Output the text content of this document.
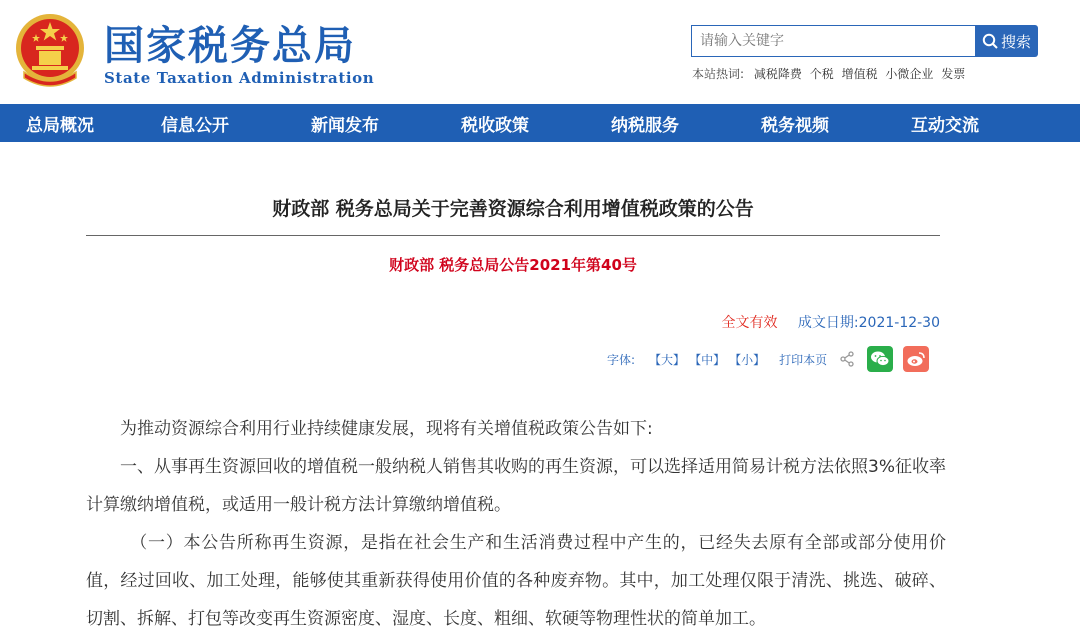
国家税务总局
State Taxation Administration
请输入关键字
搜索
本站热词: 减税降费 个税 增值税 小微企业 发票
总局概况	信息公开	新闻发布	税收政策	纳税服务	税务视频	互动交流
财政部 税务总局关于完善资源综合利用增值税政策的公告
财政部 税务总局公告2021年第40号
全文有效 成文日期:2021-12-30
字体: 【大】 【中】 【小】 打印本页

为推动资源综合利用行业持续健康发展，现将有关增值税政策公告如下:

一、从事再生资源回收的增值税一般纳税人销售其收购的再生资源，可以选择适用简易计税方法依照3%征收率计算缴纳增值税，或适用一般计税方法计算缴纳增值税。

（一）本公告所称再生资源，是指在社会生产和生活消费过程中产生的，已经失去原有全部或部分使用价值，经过回收、加工处理，能够使其重新获得使用价值的各种废弃物。其中，加工处理仅限于清洗、挑选、破碎、切割、拆解、打包等改变再生资源密度、湿度、长度、粗细、软硬等物理性状的简单加工。
